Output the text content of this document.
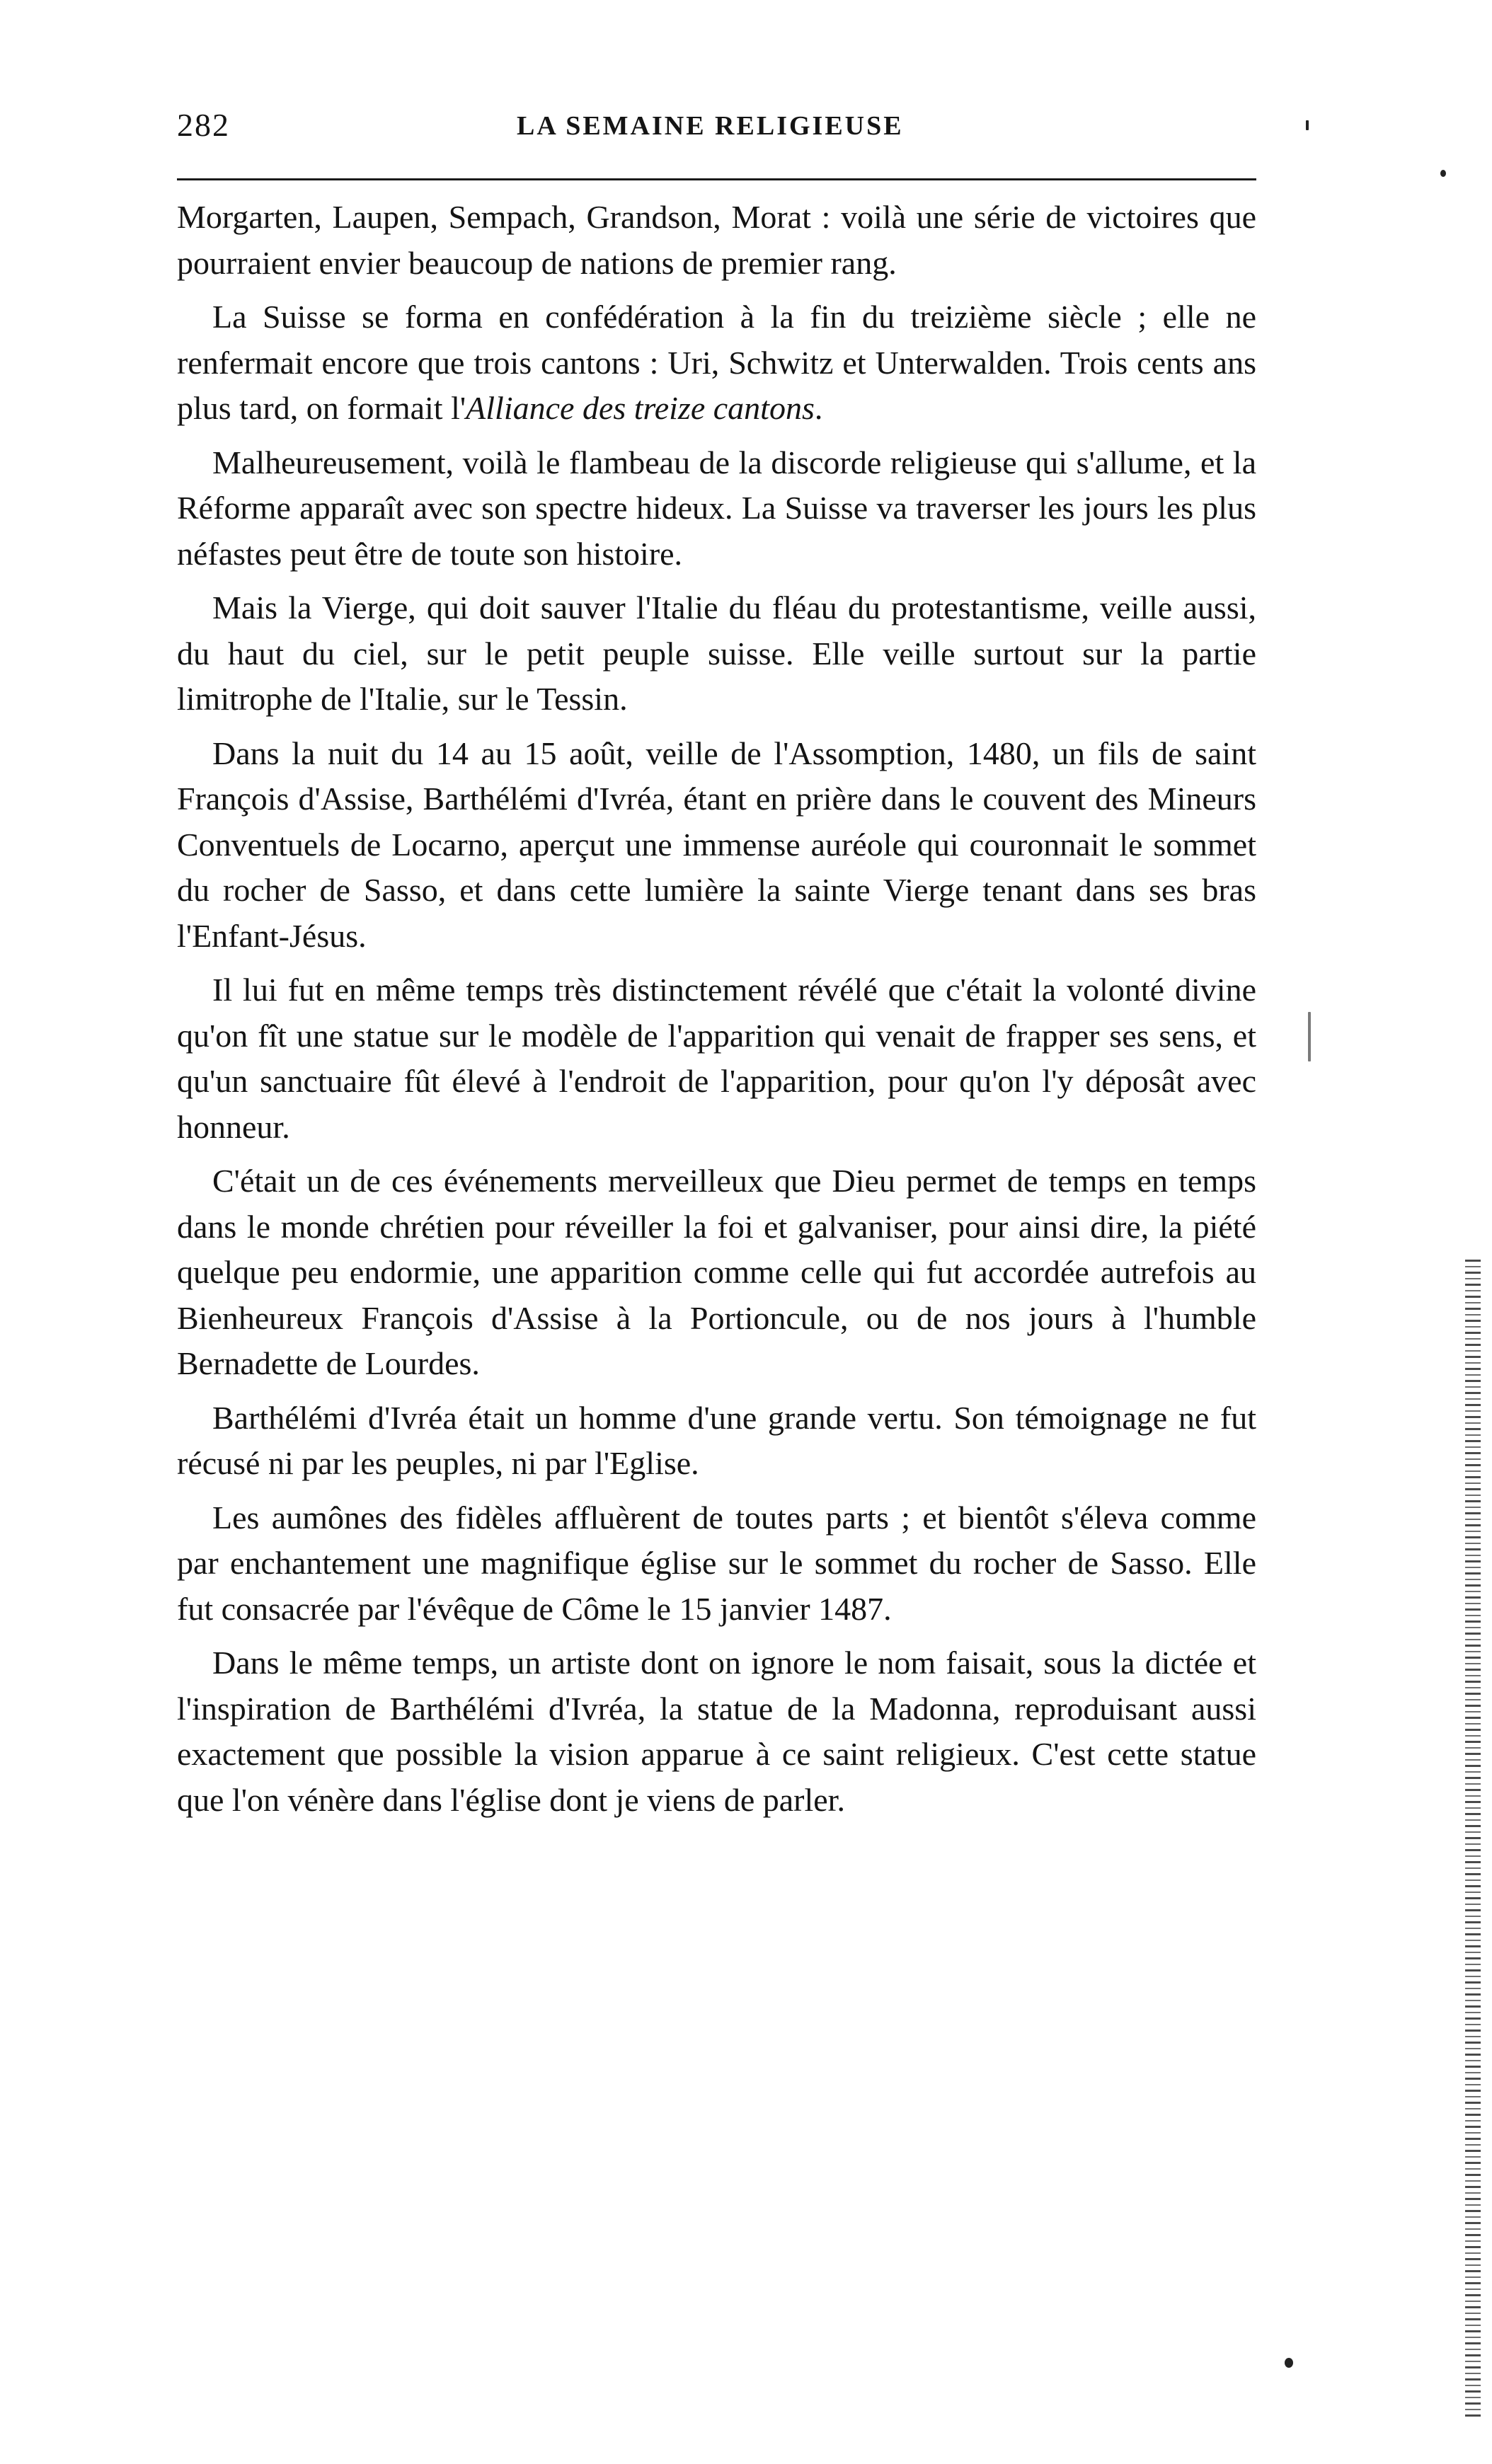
282	LA SEMAINE RELIGIEUSE

Morgarten, Laupen, Sempach, Grandson, Morat : voilà une série de victoires que pourraient envier beaucoup de nations de premier rang.

La Suisse se forma en confédération à la fin du treizième siècle ; elle ne renfermait encore que trois cantons : Uri, Schwitz et Unterwalden. Trois cents ans plus tard, on formait l'Alliance des treize cantons.

Malheureusement, voilà le flambeau de la discorde religieuse qui s'allume, et la Réforme apparaît avec son spectre hideux. La Suisse va traverser les jours les plus néfastes peut être de toute son histoire.

Mais la Vierge, qui doit sauver l'Italie du fléau du protestantisme, veille aussi, du haut du ciel, sur le petit peuple suisse. Elle veille surtout sur la partie limitrophe de l'Italie, sur le Tessin.

Dans la nuit du 14 au 15 août, veille de l'Assomption, 1480, un fils de saint François d'Assise, Barthélémi d'Ivréa, étant en prière dans le couvent des Mineurs Conventuels de Locarno, aperçut une immense auréole qui couronnait le sommet du rocher de Sasso, et dans cette lumière la sainte Vierge tenant dans ses bras l'Enfant-Jésus.

Il lui fut en même temps très distinctement révélé que c'était la volonté divine qu'on fît une statue sur le modèle de l'apparition qui venait de frapper ses sens, et qu'un sanctuaire fût élevé à l'endroit de l'apparition, pour qu'on l'y déposât avec honneur.

C'était un de ces événements merveilleux que Dieu permet de temps en temps dans le monde chrétien pour réveiller la foi et galvaniser, pour ainsi dire, la piété quelque peu endormie, une apparition comme celle qui fut accordée autrefois au Bienheureux François d'Assise à la Portioncule, ou de nos jours à l'humble Bernadette de Lourdes.

Barthélémi d'Ivréa était un homme d'une grande vertu. Son témoignage ne fut récusé ni par les peuples, ni par l'Eglise.

Les aumônes des fidèles affluèrent de toutes parts ; et bientôt s'éleva comme par enchantement une magnifique église sur le sommet du rocher de Sasso. Elle fut consacrée par l'évêque de Côme le 15 janvier 1487.

Dans le même temps, un artiste dont on ignore le nom faisait, sous la dictée et l'inspiration de Barthélémi d'Ivréa, la statue de la Madonna, reproduisant aussi exactement que possible la vision apparue à ce saint religieux. C'est cette statue que l'on vénère dans l'église dont je viens de parler.
